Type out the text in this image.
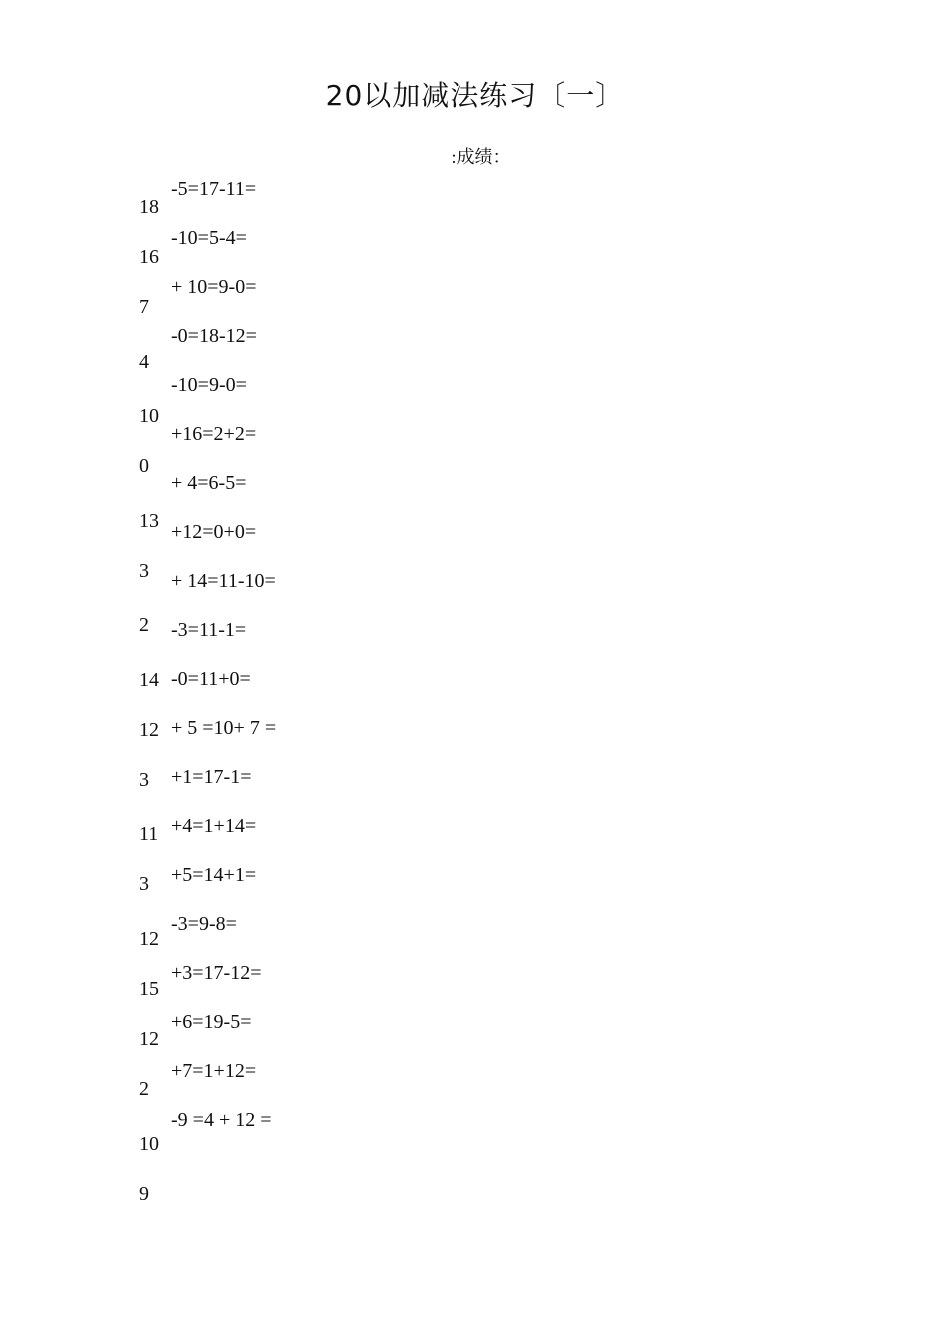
20以加减法练习〔一〕
:成绩：
18
16
7
4
10
0
13
3
2
14
12
3
11
3
12
15
12
2
10
9
-5=17-11=
-10=5-4=
+ 10=9-0=
-0=18-12=
-10=9-0=
+16=2+2=
+ 4=6-5=
+12=0+0=
+ 14=11-10=
-3=11-1=
-0=11+0=
+ 5 =10+ 7 =
+1=17-1=
+4=1+14=
+5=14+1=
-3=9-8=
+3=17-12=
+6=19-5=
+7=1+12=
-9 =4 + 12 =
